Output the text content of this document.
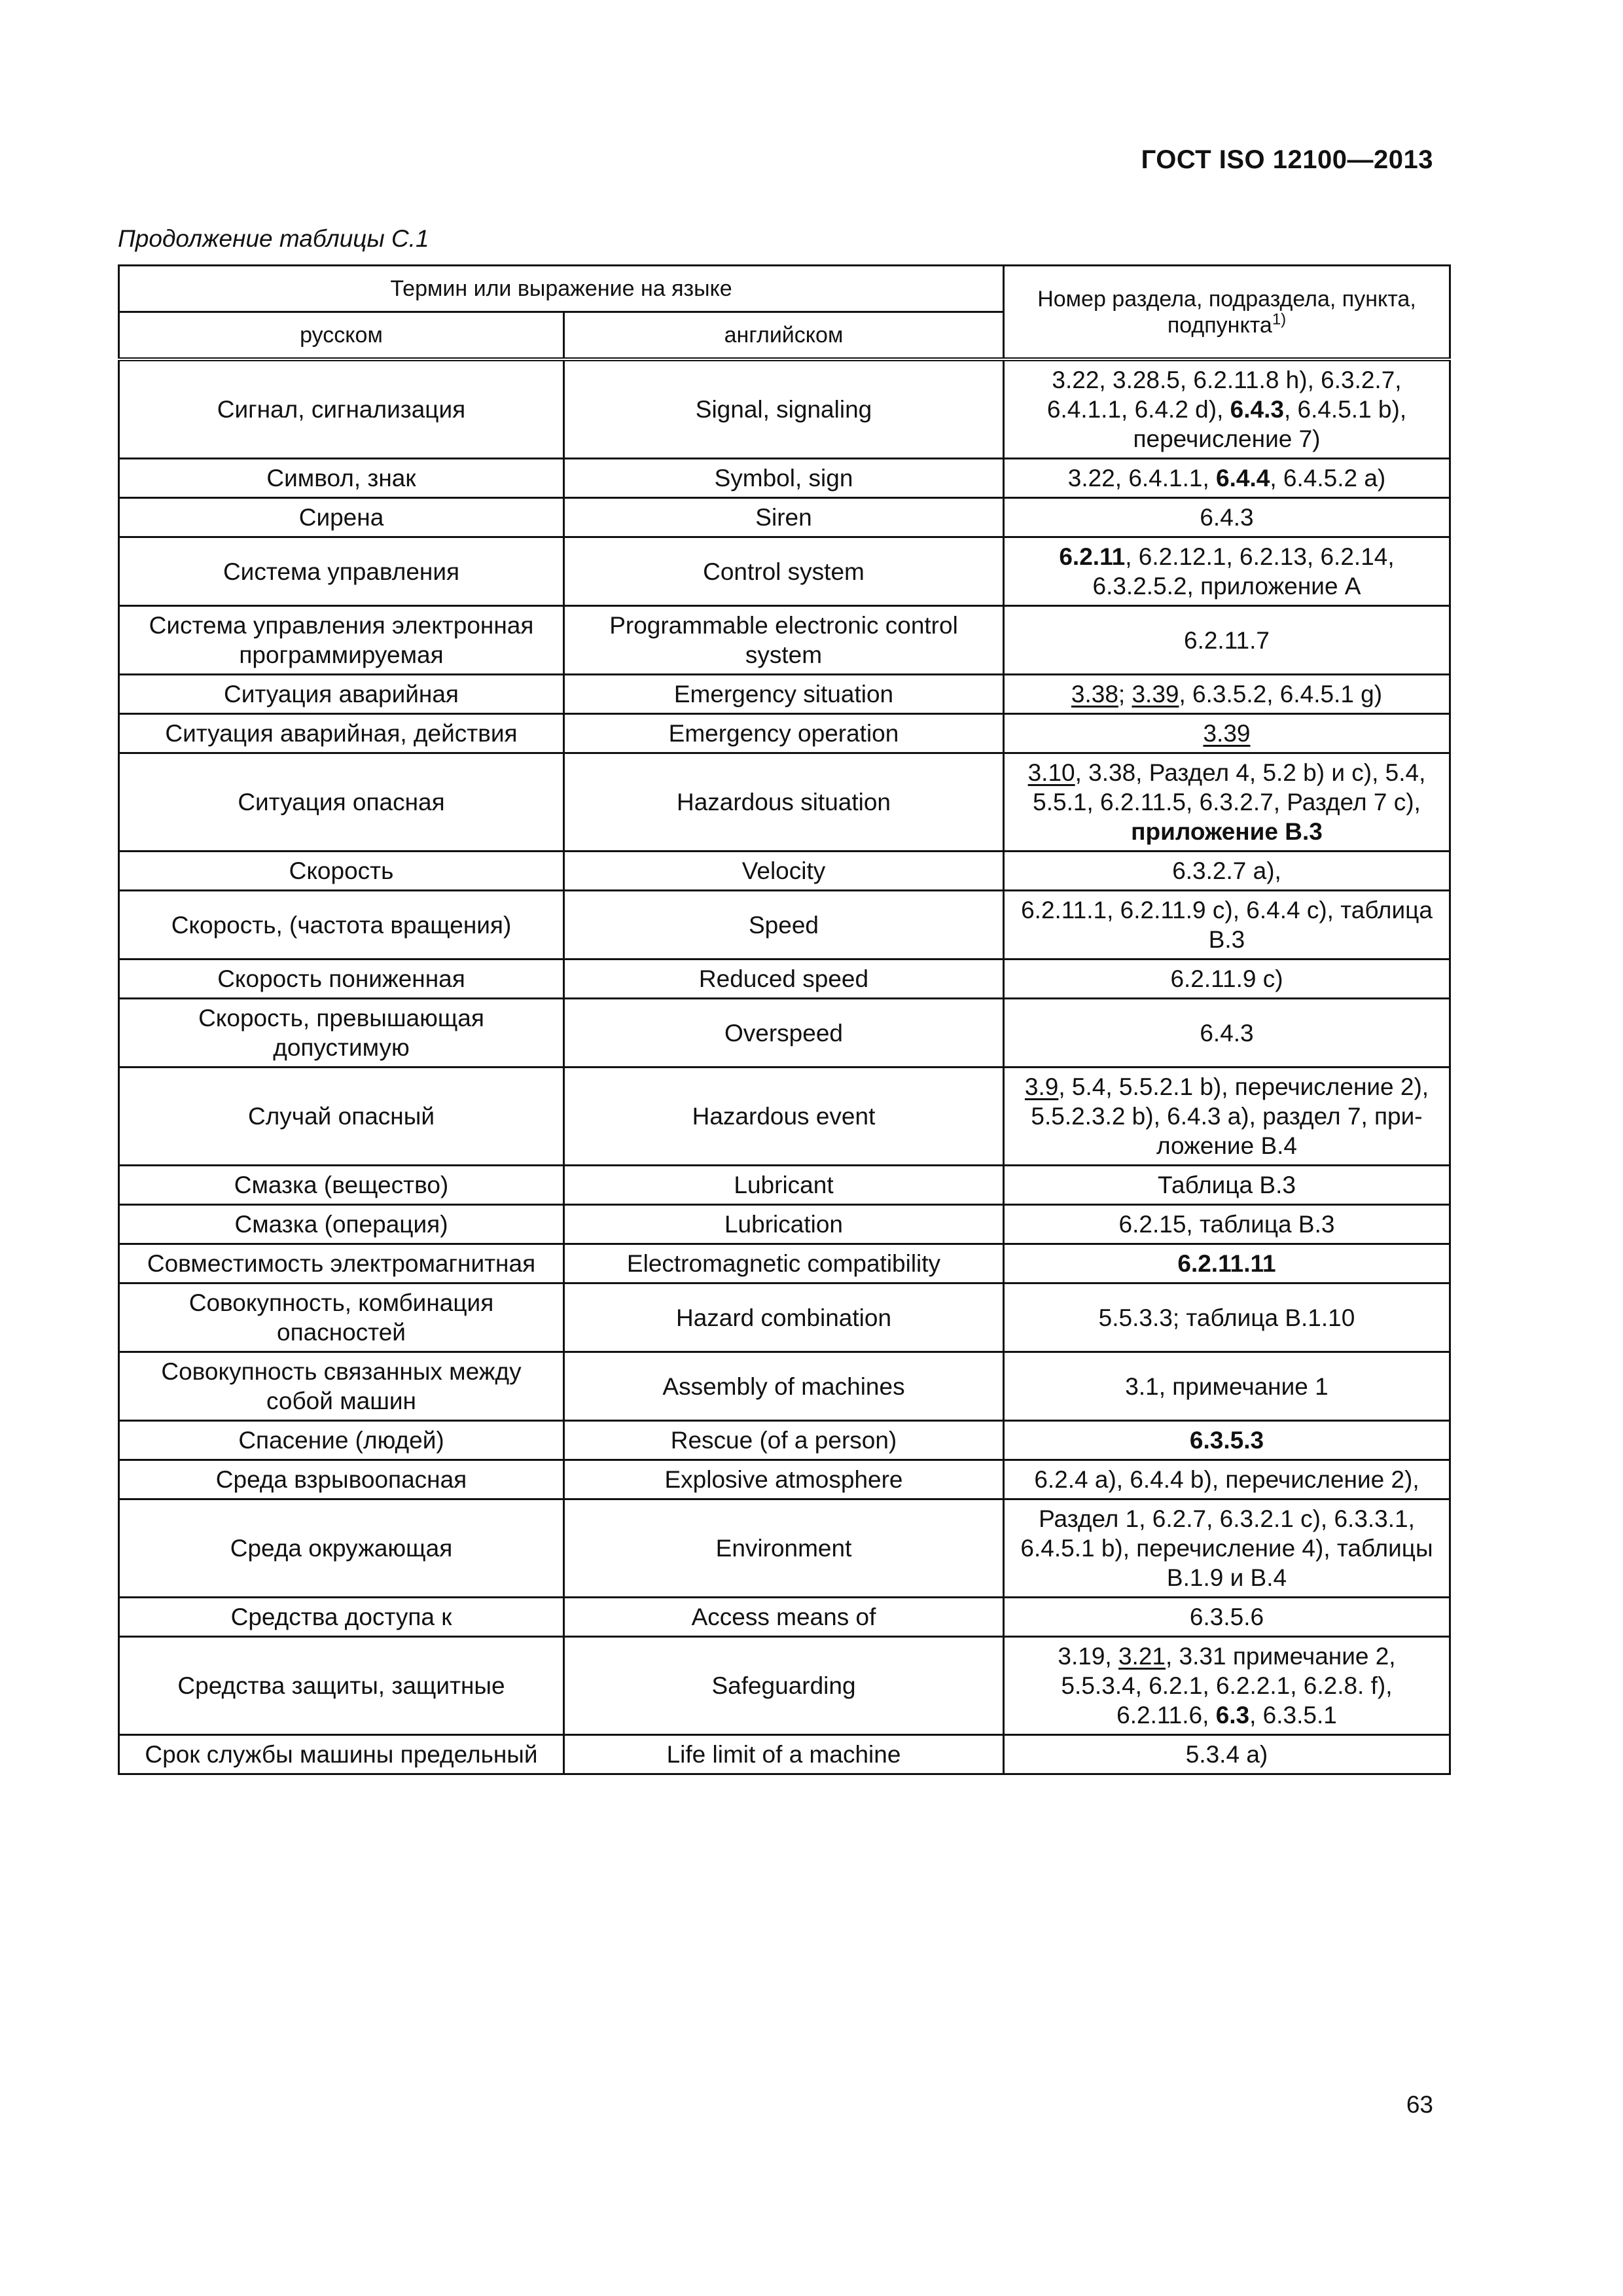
ГОСТ ISO 12100—2013
Продолжение таблицы С.1
Термин или выражение на языке		Номер раздела, подраздела, пункта, подпункта$^{1)}$
русском	английском	
Сигнал, сигнализация	Signal, signaling	3.22, 3.28.5, 6.2.11.8 h), 6.3.2.7, 6.4.1.1, 6.4.2 d), 6.4.3, 6.4.5.1 b), перечисление 7)
Символ, знак	Symbol, sign	3.22, 6.4.1.1, 6.4.4, 6.4.5.2 a)
Сирена	Siren	6.4.3
Система управления	Control system	6.2.11, 6.2.12.1, 6.2.13, 6.2.14, 6.3.2.5.2, приложение A
Система управления электронная программируемая	Programmable electronic control system	6.2.11.7
Ситуация аварийная	Emergency situation	3.38; 3.39, 6.3.5.2, 6.4.5.1 g)
Ситуация аварийная, действия	Emergency operation	3.39
Ситуация опасная	Hazardous situation	3.10, 3.38, Раздел 4, 5.2 b) и с), 5.4, 5.5.1, 6.2.11.5, 6.3.2.7, Раздел 7 с), приложение B.3
Скорость	Velocity	6.3.2.7 a),
Скорость, (частота вращения)	Speed	6.2.11.1, 6.2.11.9 с), 6.4.4 с), таблица B.3
Скорость пониженная	Reduced speed	6.2.11.9 с)
Скорость, превышающая допустимую	Overspeed	6.4.3
Случай опасный	Hazardous event	3.9, 5.4, 5.5.2.1 b), перечисление 2), 5.5.2.3.2 b), 6.4.3 a), раздел 7, при-ложение B.4
Смазка (вещество)	Lubricant	Таблица B.3
Смазка (операция)	Lubrication	6.2.15, таблица B.3
Совместимость электромагнитная	Electromagnetic compatibility	6.2.11.11
Совокупность, комбинация опасностей	Hazard combination	5.5.3.3; таблица B.1.10
Совокупность связанных между собой машин	Assembly of machines	3.1, примечание 1
Спасение (людей)	Rescue (of a person)	6.3.5.3
Среда взрывоопасная	Explosive atmosphere	6.2.4 a), 6.4.4 b), перечисление 2),
Среда окружающая	Environment	Раздел 1, 6.2.7, 6.3.2.1 с), 6.3.3.1, 6.4.5.1 b), перечисление 4), таблицы B.1.9 и B.4
Средства доступа к	Access means of	6.3.5.6
Средства защиты, защитные	Safeguarding	3.19, 3.21, 3.31 примечание 2, 5.5.3.4, 6.2.1, 6.2.2.1, 6.2.8. f), 6.2.11.6, 6.3, 6.3.5.1
Срок службы машины предельный	Life limit of a machine	5.3.4 a)
63
